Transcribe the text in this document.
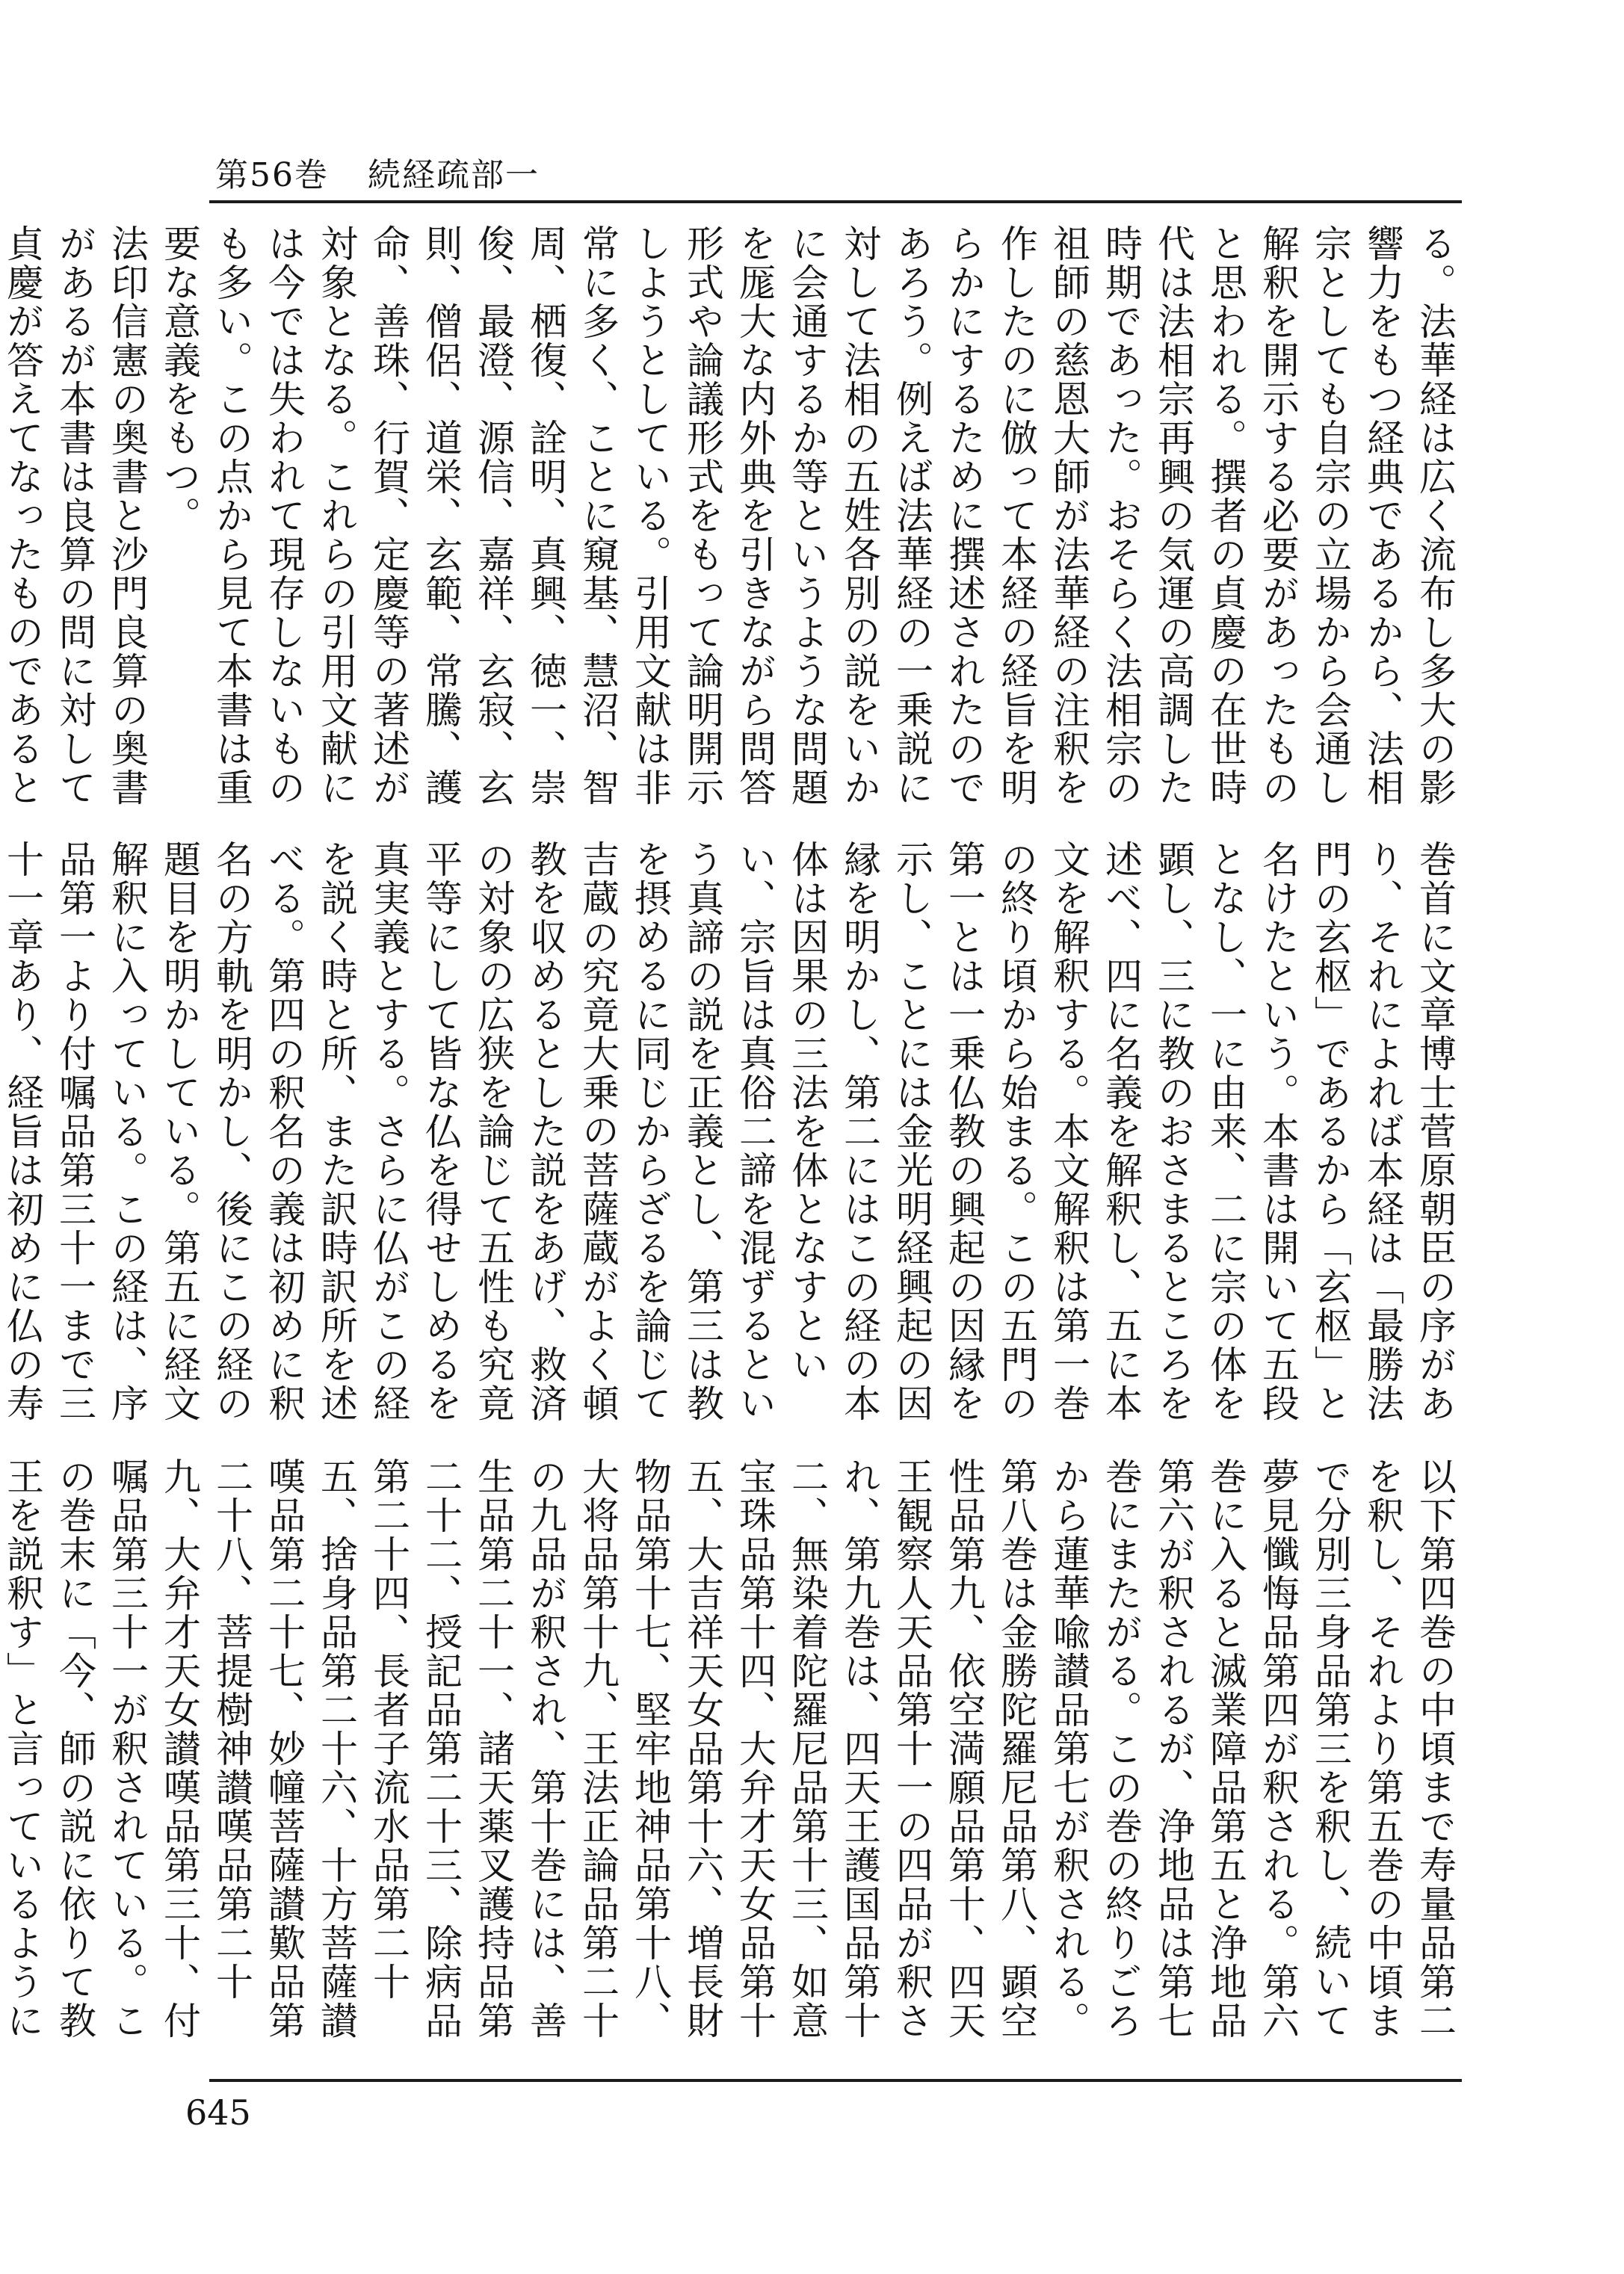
第56巻 続経疏部一
る。法華経は広く流布し多大の影響力をもつ経典であるから、法相宗としても自宗の立場から会通し解釈を開示する必要があったものと思われる。撰者の貞慶の在世時代は法相宗再興の気運の高調した時期であった。おそらく法相宗の祖師の慈恩大師が法華経の注釈を作したのに倣って本経の経旨を明らかにするために撰述されたのであろう。例えば法華経の一乗説に対して法相の五姓各別の説をいかに会通するか等というような問題を厖大な内外典を引きながら問答形式や論議形式をもって論明開示しようとしている。引用文献は非常に多く、ことに窺基、慧沼、智周、栖復、詮明、真興、徳一、崇俊、最澄、源信、嘉祥、玄寂、玄則、僧侶、道栄、玄範、常騰、護命、善珠、行賀、定慶等の著述が対象となる。これらの引用文献には今では失われて現存しないものも多い。この点から見て本書は重要な意義をもつ。
法印信憲の奥書と沙門良算の奥書があるが本書は良算の問に対して貞慶が答えてなったものであると
巻首に文章博士菅原朝臣の序があり、それによれば本経は「最勝法門の玄枢」であるから「玄枢」と名けたという。本書は開いて五段となし、一に由来、二に宗の体を顕し、三に教のおさまるところを述べ、四に名義を解釈し、五に本文を解釈する。本文解釈は第一巻の終り頃から始まる。この五門の第一とは一乗仏教の興起の因縁を示し、ことには金光明経興起の因縁を明かし、第二にはこの経の本体は因果の三法を体となすといい、宗旨は真俗二諦を混ずるという真諦の説を正義とし、第三は教を摂めるに同じからざるを論じて吉蔵の究竟大乗の菩薩蔵がよく頓教を収めるとした説をあげ、救済の対象の広狭を論じて五性も究竟平等にして皆な仏を得せしめるを真実義とする。さらに仏がこの経を説く時と所、また訳時訳所を述べる。第四の釈名の義は初めに釈名の方軌を明かし、後にこの経の題目を明かしている。第五に経文解釈に入っている。この経は、序品第一より付嘱品第三十一まで三十一章あり、経旨は初めに仏の寿
以下第四巻の中頃まで寿量品第二を釈し、それより第五巻の中頃まで分別三身品第三を釈し、続いて夢見懺悔品第四が釈される。第六巻に入ると滅業障品第五と浄地品第六が釈されるが、浄地品は第七巻にまたがる。この巻の終りごろから蓮華喩讃品第七が釈される。第八巻は金勝陀羅尼品第八、顕空性品第九、依空満願品第十、四天王観察人天品第十一の四品が釈され、第九巻は、四天王護国品第十二、無染着陀羅尼品第十三、如意宝珠品第十四、大弁才天女品第十五、大吉祥天女品第十六、増長財物品第十七、堅牢地神品第十八、大将品第十九、王法正論品第二十の九品が釈され、第十巻には、善生品第二十一、諸天薬叉護持品第二十二、授記品第二十三、除病品第二十四、長者子流水品第二十五、捨身品第二十六、十方菩薩讃嘆品第二十七、妙幢菩薩讃歎品第二十八、菩提樹神讃嘆品第二十九、大弁才天女讃嘆品第三十、付嘱品第三十一が釈されている。この巻末に「今、師の説に依りて教王を説釈す」と言っているように
645
